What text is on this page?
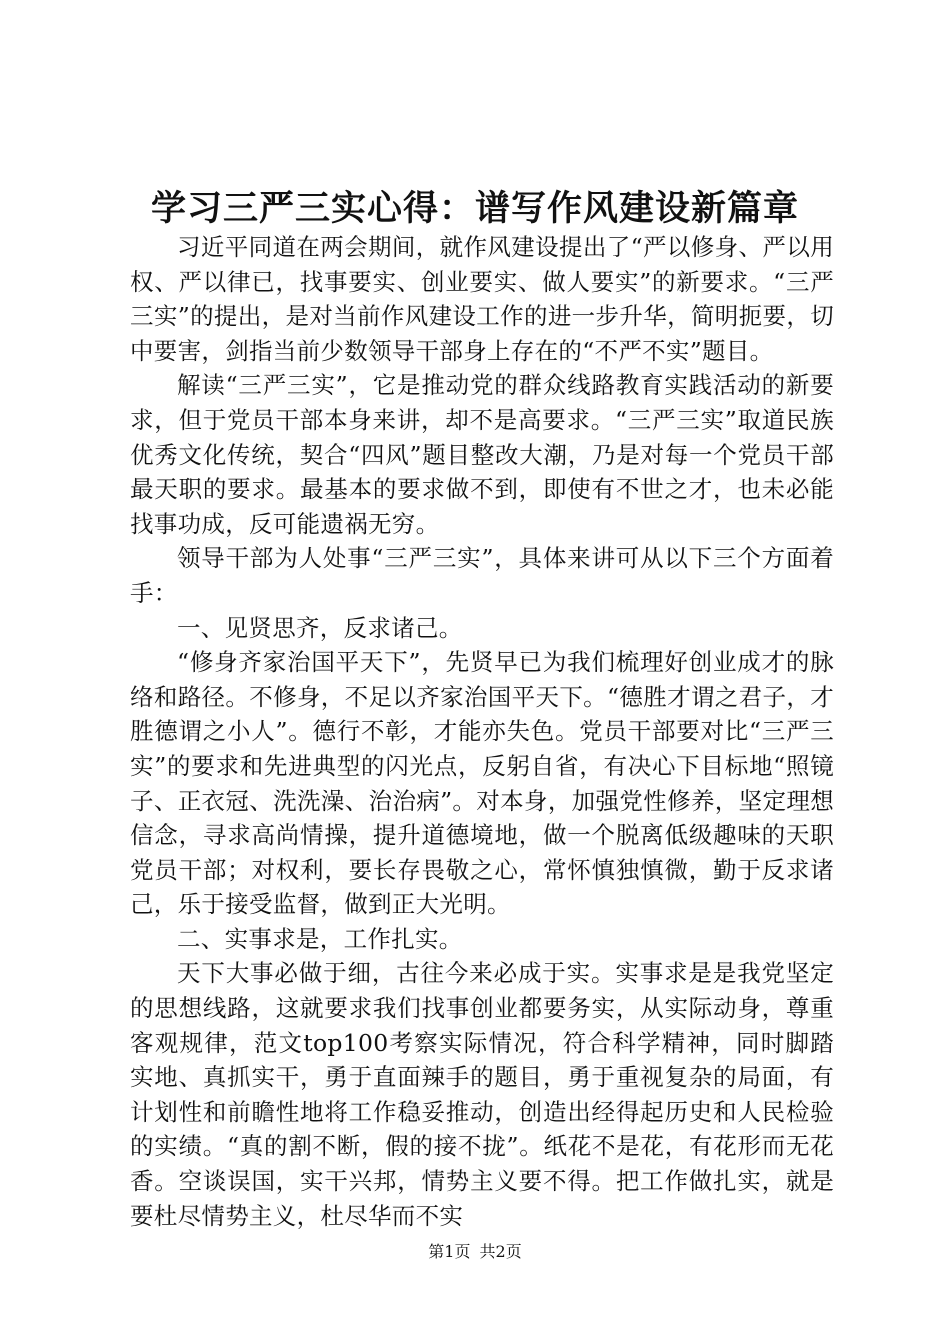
学习三严三实心得：谱写作风建设新篇章

习近平同道在两会期间，就作风建设提出了“严以修身、严以用权、严以律已，找事要实、创业要实、做人要实”的新要求。“三严三实”的提出，是对当前作风建设工作的进一步升华，简明扼要，切中要害，剑指当前少数领导干部身上存在的“不严不实”题目。

解读“三严三实”，它是推动党的群众线路教育实践活动的新要求，但于党员干部本身来讲，却不是高要求。“三严三实”取道民族优秀文化传统，契合“四风”题目整改大潮，乃是对每一个党员干部最天职的要求。最基本的要求做不到，即使有不世之才，也未必能找事功成，反可能遗祸无穷。

领导干部为人处事“三严三实”，具体来讲可从以下三个方面着手：

一、见贤思齐，反求诸己。

“修身齐家治国平天下”，先贤早已为我们梳理好创业成才的脉络和路径。不修身，不足以齐家治国平天下。“德胜才谓之君子，才胜德谓之小人”。德行不彰，才能亦失色。党员干部要对比“三严三实”的要求和先进典型的闪光点，反躬自省，有决心下目标地“照镜子、正衣冠、洗洗澡、治治病”。对本身，加强党性修养，坚定理想信念，寻求高尚情操，提升道德境地，做一个脱离低级趣味的天职党员干部；对权利，要长存畏敬之心，常怀慎独慎微，勤于反求诸己，乐于接受监督，做到正大光明。

二、实事求是，工作扎实。

天下大事必做于细，古往今来必成于实。实事求是是我党坚定的思想线路，这就要求我们找事创业都要务实，从实际动身，尊重客观规律，范文top100考察实际情况，符合科学精神，同时脚踏实地、真抓实干，勇于直面辣手的题目，勇于重视复杂的局面，有计划性和前瞻性地将工作稳妥推动，创造出经得起历史和人民检验的实绩。“真的割不断，假的接不拢”。纸花不是花，有花形而无花香。空谈误国，实干兴邦，情势主义要不得。把工作做扎实，就是要杜尽情势主义，杜尽华而不实

第1页 共2页
